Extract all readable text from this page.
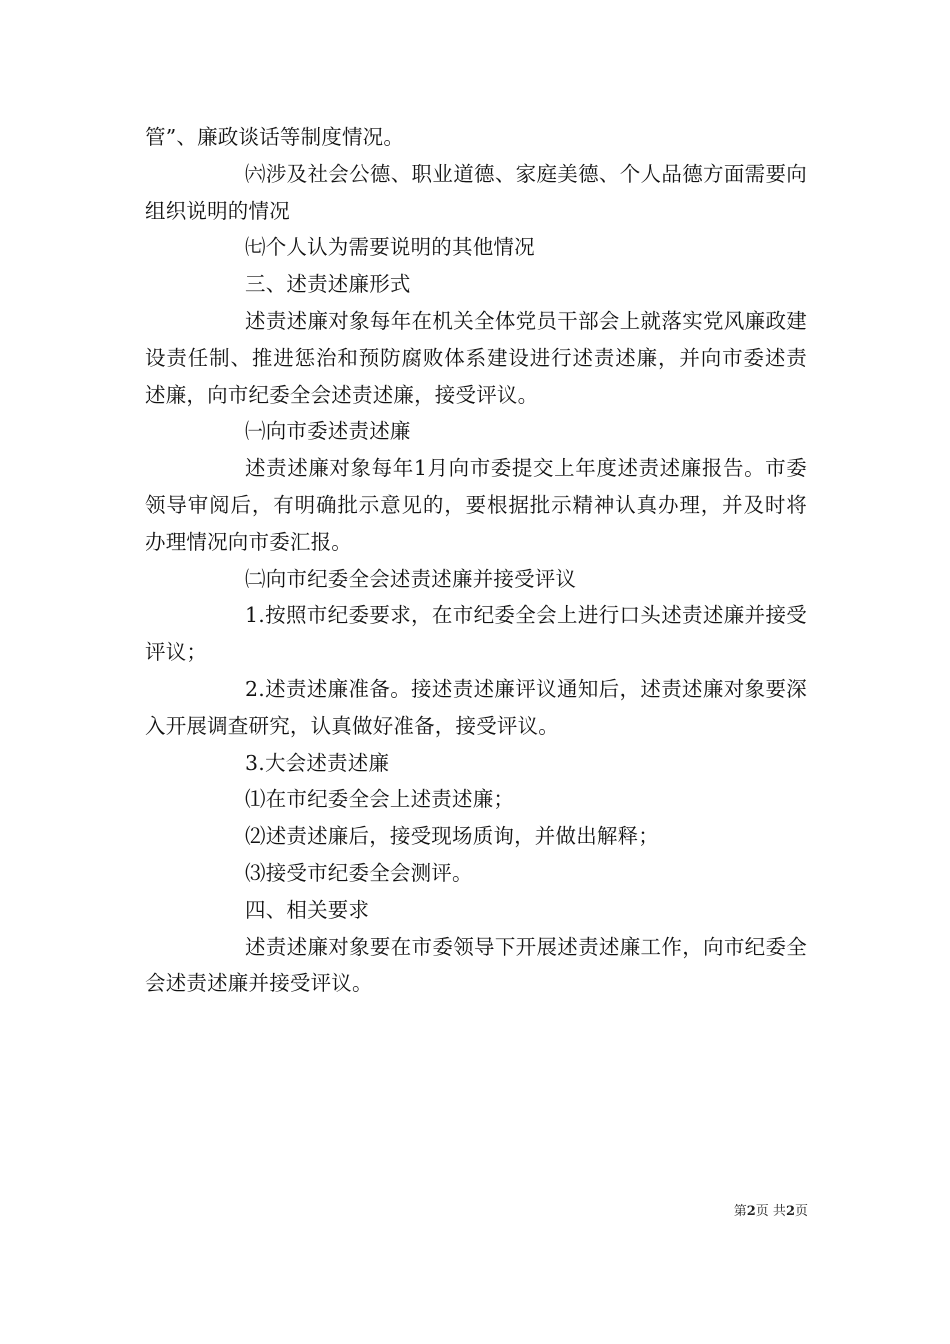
管”、廉政谈话等制度情况。

㈥涉及社会公德、职业道德、家庭美德、个人品德方面需要向组织说明的情况

㈦个人认为需要说明的其他情况

三、述责述廉形式

述责述廉对象每年在机关全体党员干部会上就落实党风廉政建设责任制、推进惩治和预防腐败体系建设进行述责述廉，并向市委述责述廉，向市纪委全会述责述廉，接受评议。

㈠向市委述责述廉

述责述廉对象每年1月向市委提交上年度述责述廉报告。市委领导审阅后，有明确批示意见的，要根据批示精神认真办理，并及时将办理情况向市委汇报。

㈡向市纪委全会述责述廉并接受评议

1.按照市纪委要求，在市纪委全会上进行口头述责述廉并接受评议；

2.述责述廉准备。接述责述廉评议通知后，述责述廉对象要深入开展调查研究，认真做好准备，接受评议。

3.大会述责述廉

⑴在市纪委全会上述责述廉；

⑵述责述廉后，接受现场质询，并做出解释；

⑶接受市纪委全会测评。

四、相关要求

述责述廉对象要在市委领导下开展述责述廉工作，向市纪委全会述责述廉并接受评议。

第2页 共2页
